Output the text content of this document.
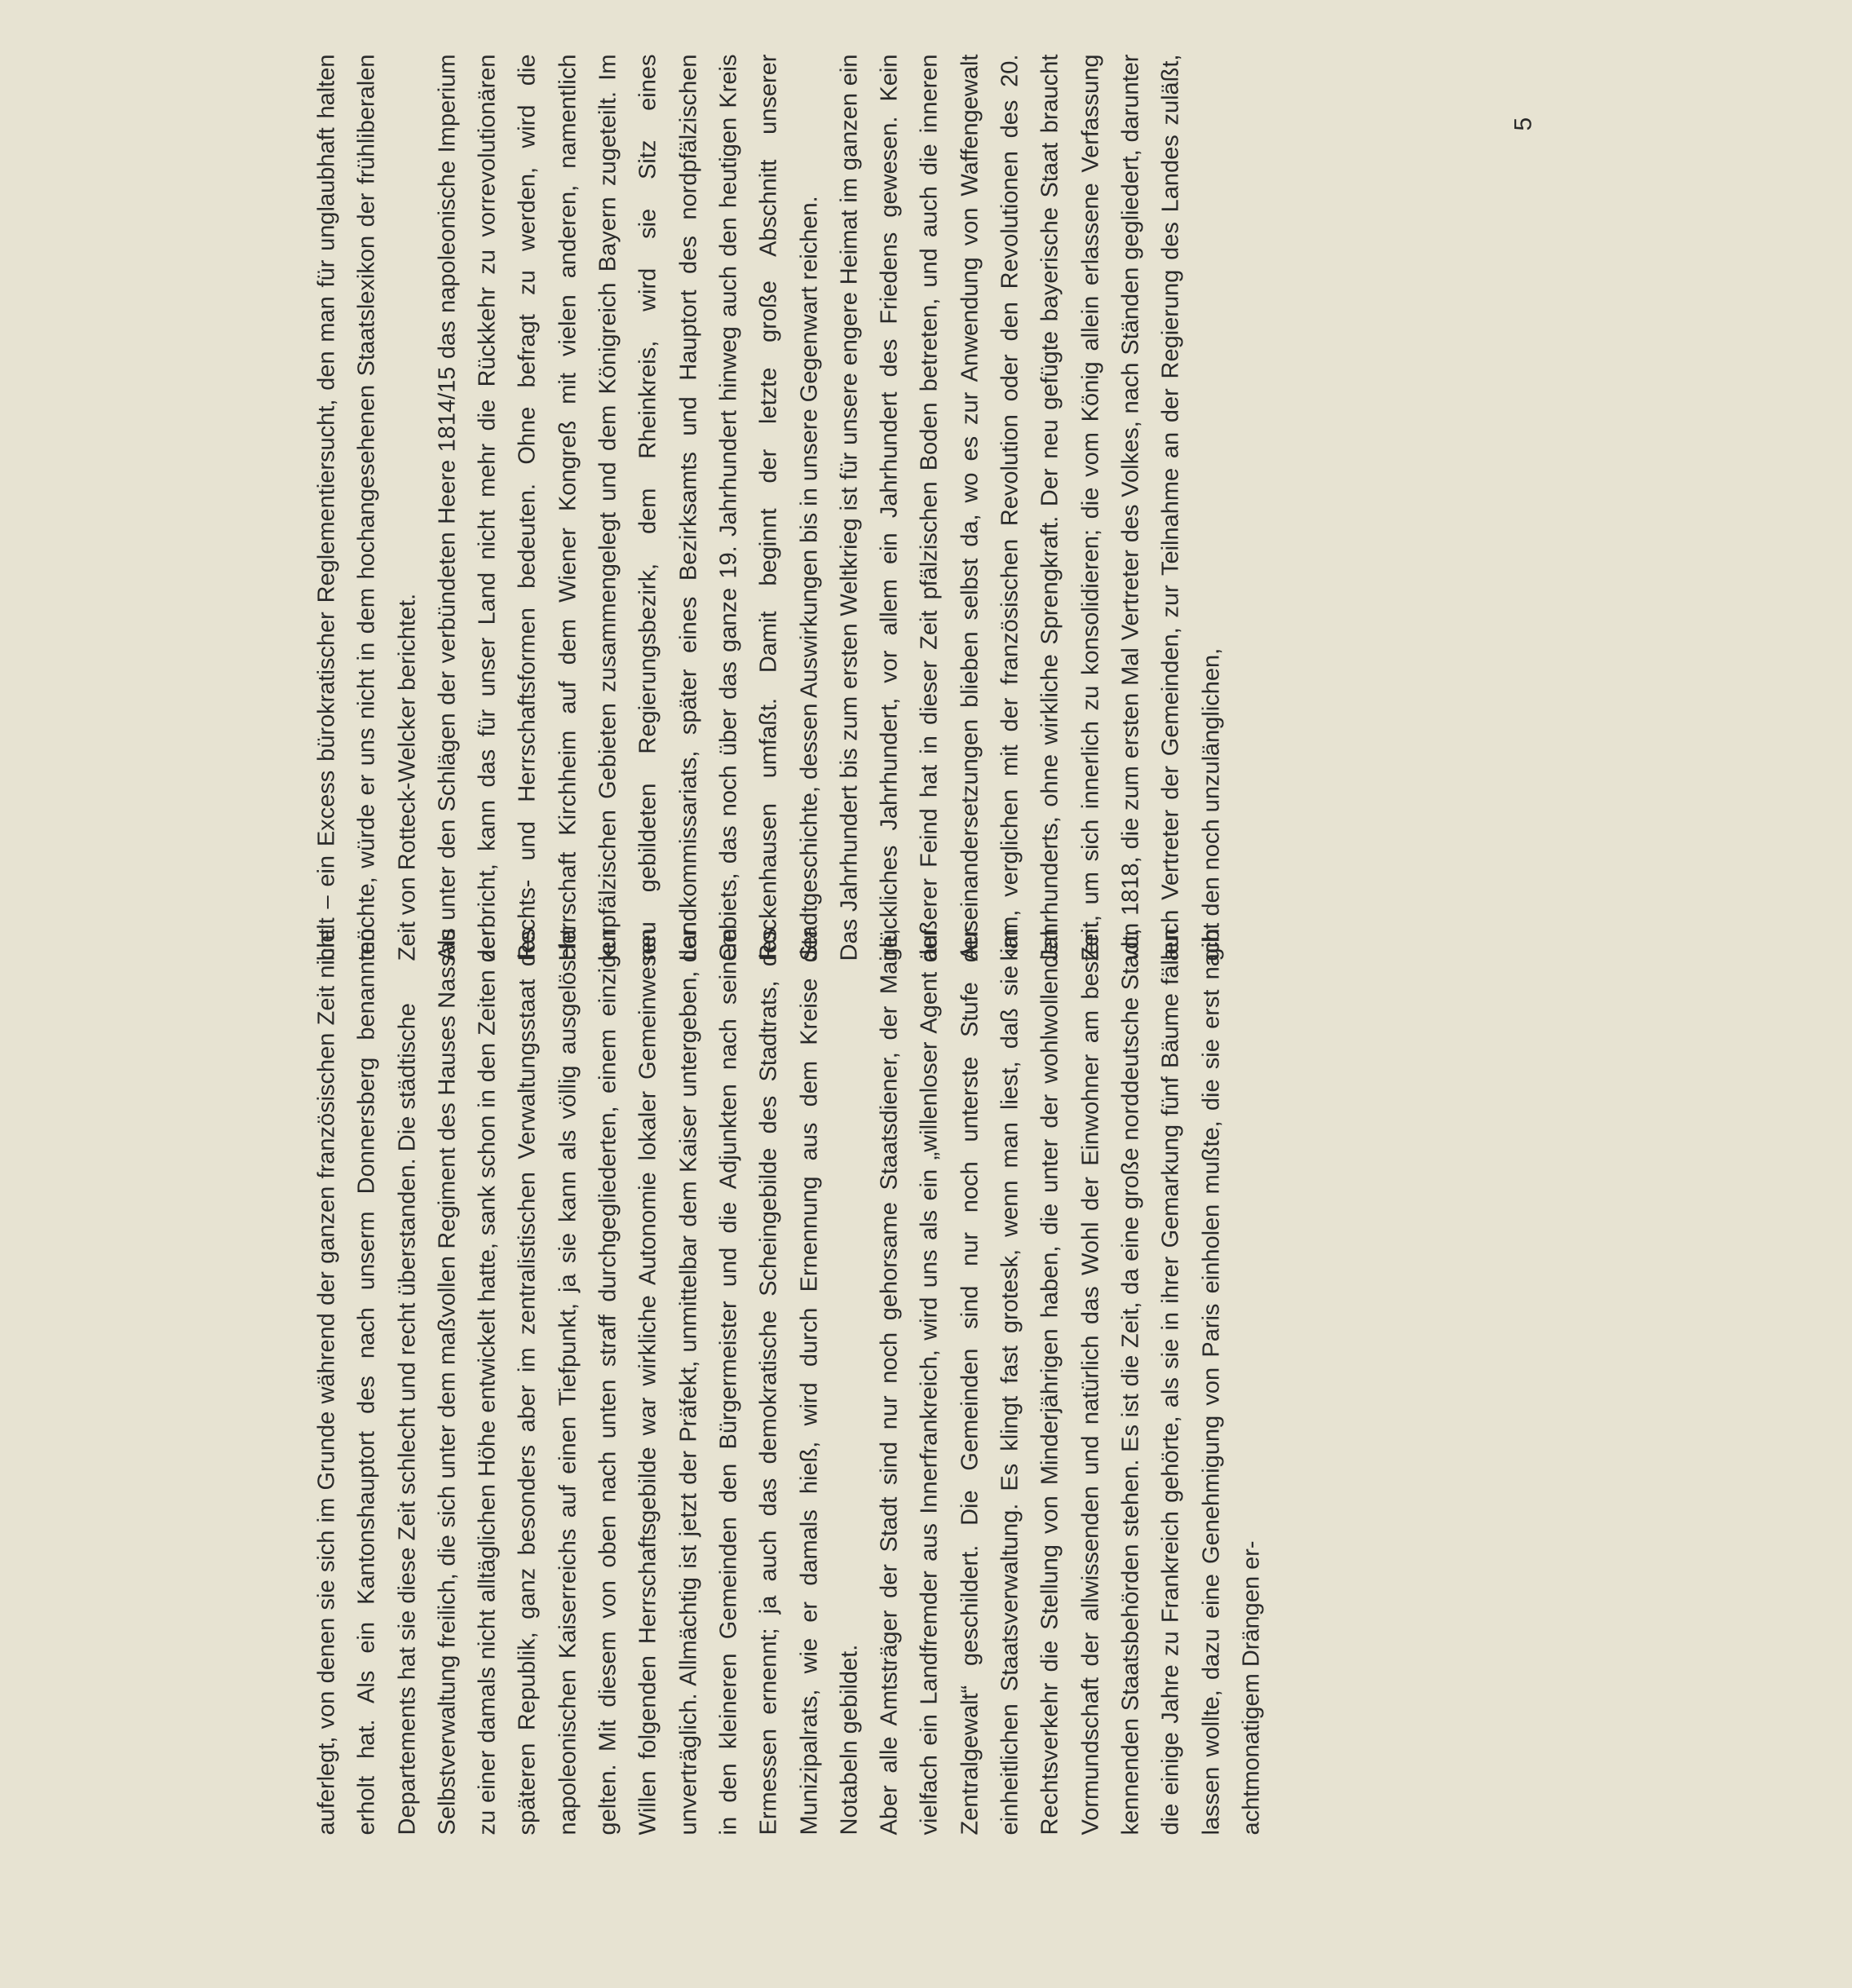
auferlegt, von denen sie sich im Grunde während der ganzen französischen Zeit nicht erholt hat. Als ein Kantonshauptort des nach unserm Donnersberg benannten Departements hat sie diese Zeit schlecht und recht überstanden. Die städtische Selbstverwaltung freilich, die sich unter dem maßvollen Regiment des Hauses Nassau zu einer damals nicht alltäglichen Höhe entwickelt hatte, sank schon in den Zeiten der späteren Republik, ganz besonders aber im zentralistischen Verwaltungsstaat des napoleonischen Kaiserreichs auf einen Tiefpunkt, ja sie kann als völlig ausgelöscht gelten. Mit diesem von oben nach unten straff durchgegliederten, einem einzigen Willen folgenden Herrschaftsgebilde war wirkliche Autonomie lokaler Gemeinwesen unverträglich. Allmächtig ist jetzt der Präfekt, unmittelbar dem Kaiser untergeben, der in den kleineren Gemeinden den Bürgermeister und die Adjunkten nach seinem Ermessen ernennt; ja auch das demokratische Scheingebilde des Stadtrats, des Munizipalrats, wie er damals hieß, wird durch Ernennung aus dem Kreise der Notabeln gebildet. Aber alle Amtsträger der Stadt sind nur noch gehorsame Staatsdiener, der Maire, vielfach ein Landfremder aus Innerfrankreich, wird uns als ein „willenloser Agent der Zentralgewalt“ geschildert. Die Gemeinden sind nur noch unterste Stufe der einheitlichen Staatsverwaltung. Es klingt fast grotesk, wenn man liest, daß sie im Rechtsverkehr die Stellung von Minderjährigen haben, die unter der wohlwollenden Vormundschaft der allwissenden und natürlich das Wohl der Einwohner am besten kennenden Staatsbehörden stehen. Es ist die Zeit, da eine große norddeutsche Stadt, die einige Jahre zu Frankreich gehörte, als sie in ihrer Gemarkung fünf Bäume fällen lassen wollte, dazu eine Genehmigung von Paris einholen mußte, die sie erst nach achtmonatigem Drängen er-

hielt – ein Excess bürokratischer Reglementiersucht, den man für unglaubhaft halten möchte, würde er uns nicht in dem hochangesehenen Staatslexikon der frühliberalen Zeit von Rotteck-Welcker berichtet. Als unter den Schlägen der verbündeten Heere 1814/15 das napoleonische Imperium zerbricht, kann das für unser Land nicht mehr die Rückkehr zu vorrevolutionären Rechts- und Herrschaftsformen bedeuten. Ohne befragt zu werden, wird die Herrschaft Kirchheim auf dem Wiener Kongreß mit vielen anderen, namentlich kurpfälzischen Gebieten zusammengelegt und dem Königreich Bayern zugeteilt. Im neu gebildeten Regierungsbezirk, dem Rheinkreis, wird sie Sitz eines Landkommissariats, später eines Bezirksamts und Hauptort des nordpfälzischen Gebiets, das noch über das ganze 19. Jahrhundert hinweg auch den heutigen Kreis Rockenhausen umfaßt. Damit beginnt der letzte große Abschnitt unserer Stadtgeschichte, dessen Auswirkungen bis in unsere Gegenwart reichen. Das Jahrhundert bis zum ersten Weltkrieg ist für unsere engere Heimat im ganzen ein glückliches Jahrhundert, vor allem ein Jahrhundert des Friedens gewesen. Kein äußerer Feind hat in dieser Zeit pfälzischen Boden betreten, und auch die inneren Auseinandersetzungen blieben selbst da, wo es zur Anwendung von Waffengewalt kam, verglichen mit der französischen Revolution oder den Revolutionen des 20. Jahrhunderts, ohne wirkliche Sprengkraft. Der neu gefügte bayerische Staat braucht Zeit, um sich innerlich zu konsolidieren; die vom König allein erlassene Verfassung von 1818, die zum ersten Mal Vertreter des Volkes, nach Ständen gegliedert, darunter auch Vertreter der Gemeinden, zur Teilnahme an der Regierung des Landes zuläßt, gibt den noch unzulänglichen,

5
